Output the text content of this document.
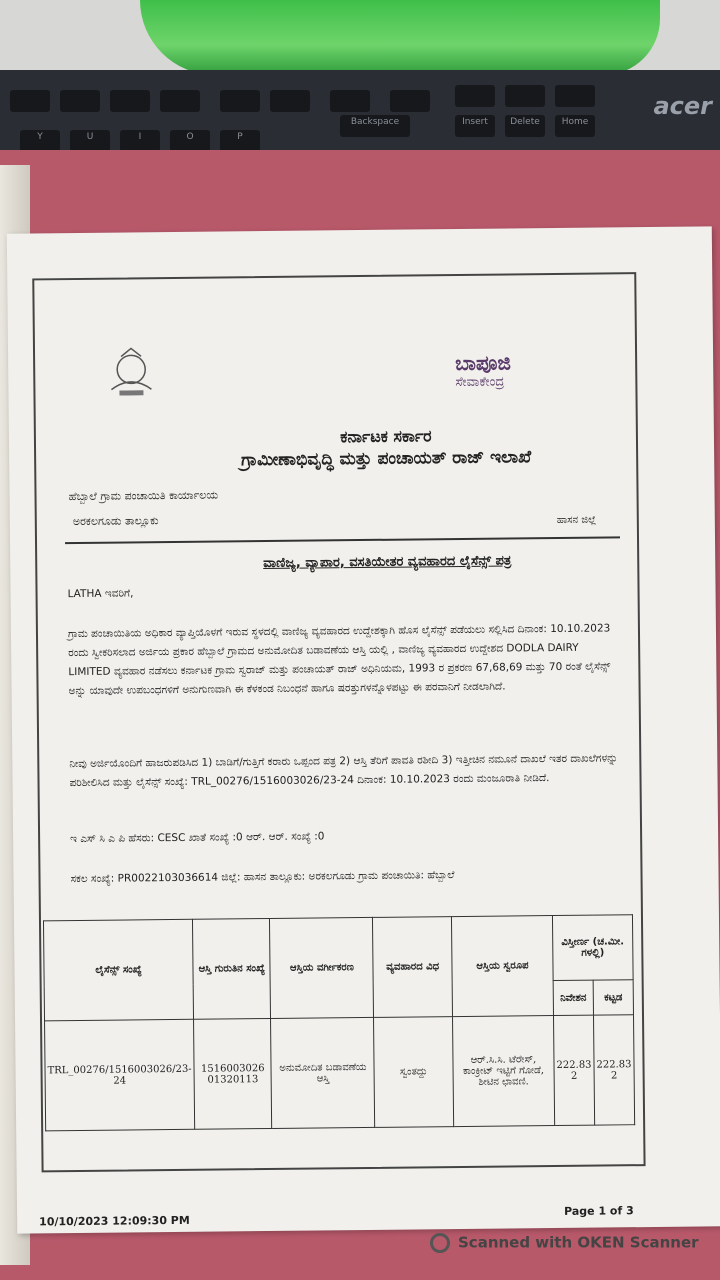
Y	U	I	O	P
Backspace	Insert	Delete	Home
acer
ಬಾಪೂಜಿ
ಸೇವಾಕೇಂದ್ರ
ಕರ್ನಾಟಕ ಸರ್ಕಾರ
ಗ್ರಾಮೀಣಾಭಿವೃದ್ಧಿ ಮತ್ತು ಪಂಚಾಯತ್ ರಾಜ್ ಇಲಾಖೆ
ಹೆಬ್ಬಾಲೆ ಗ್ರಾಮ ಪಂಚಾಯಿತಿ ಕಾರ್ಯಾಲಯ
ಅರಕಲಗೂಡು ತಾಲ್ಲೂಕು	ಹಾಸನ ಜಿಲ್ಲೆ
ವಾಣಿಜ್ಯ, ವ್ಯಾಪಾರ, ವಸತಿಯೇತರ ವ್ಯವಹಾರದ ಲೈಸೆನ್ಸ್ ಪತ್ರ
LATHA ಇವರಿಗೆ,
ಗ್ರಾಮ ಪಂಚಾಯಿತಿಯ ಅಧಿಕಾರ ವ್ಯಾಪ್ತಿಯೊಳಗೆ ಇರುವ ಸ್ಥಳದಲ್ಲಿ ವಾಣಿಜ್ಯ ವ್ಯವಹಾರದ ಉದ್ದೇಶಕ್ಕಾಗಿ ಹೊಸ ಲೈಸೆನ್ಸ್ ಪಡೆಯಲು ಸಲ್ಲಿಸಿದ ದಿನಾಂಕ: 10.10.2023 ರಂದು ಸ್ವೀಕರಿಸಲಾದ ಅರ್ಜಿಯ ಪ್ರಕಾರ ಹೆಬ್ಬಾಲೆ ಗ್ರಾಮದ ಅನುಮೋದಿತ ಬಡಾವಣೆಯ ಆಸ್ತಿ ಯಲ್ಲಿ , ವಾಣಿಜ್ಯ ವ್ಯವಹಾರದ ಉದ್ದೇಶದ DODLA DAIRY LIMITED ವ್ಯವಹಾರ ನಡೆಸಲು ಕರ್ನಾಟಕ ಗ್ರಾಮ ಸ್ವರಾಜ್ ಮತ್ತು ಪಂಚಾಯತ್ ರಾಜ್ ಅಧಿನಿಯಮ, 1993 ರ ಪ್ರಕರಣ 67,68,69 ಮತ್ತು 70 ರಂತೆ ಲೈಸೆನ್ಸ್ ಅನ್ನು ಯಾವುದೇ ಉಪಬಂಧಗಳಿಗೆ ಅನುಗುಣವಾಗಿ ಈ ಕೆಳಕಂಡ ನಿಬಂಧನೆ ಹಾಗೂ ಷರತ್ತುಗಳನ್ನೊಳಪಟ್ಟು ಈ ಪರವಾನಿಗೆ ನೀಡಲಾಗಿದೆ.
ನೀವು ಅರ್ಜಿಯೊಂದಿಗೆ ಹಾಜರುಪಡಿಸಿದ 1) ಬಾಡಿಗೆ/ಗುತ್ತಿಗೆ ಕರಾರು ಒಪ್ಪಂದ ಪತ್ರ 2) ಆಸ್ತಿ ತೆರಿಗೆ ಪಾವತಿ ರಶೀದಿ 3) ಇತ್ತೀಚಿನ ನಮೂನೆ ದಾಖಲೆ ಇತರ ದಾಖಲೆಗಳನ್ನು ಪರಿಶೀಲಿಸಿದ ಮತ್ತು ಲೈಸೆನ್ಸ್ ಸಂಖ್ಯೆ: TRL_00276/1516003026/23-24 ದಿನಾಂಕ: 10.10.2023 ರಂದು ಮಂಜೂರಾತಿ ನೀಡಿದೆ.
ಇ ಎಸ್ ಸಿ ಎ ಪಿ ಹೆಸರು: CESC ಖಾತೆ ಸಂಖ್ಯೆ :0 ಆರ್. ಆರ್. ಸಂಖ್ಯೆ :0
ಸಕಲ ಸಂಖ್ಯೆ: PR0022103036614 ಜಿಲ್ಲೆ: ಹಾಸನ ತಾಲ್ಲೂಕು: ಅರಕಲಗೂಡು ಗ್ರಾಮ ಪಂಚಾಯಿತಿ: ಹೆಬ್ಬಾಲೆ
ಲೈಸೆನ್ಸ್ ಸಂಖ್ಯೆ	ಆಸ್ತಿ ಗುರುತಿನ ಸಂಖ್ಯೆ	ಆಸ್ತಿಯ ವರ್ಗೀಕರಣ	ವ್ಯವಹಾರದ ವಿಧ	ಆಸ್ತಿಯ ಸ್ವರೂಪ	ವಿಸ್ತೀರ್ಣ (ಚ.ಮೀ. ಗಳಲ್ಲಿ)	
					ನಿವೇಶನ	ಕಟ್ಟಡ
TRL_00276/1516003026/23-24	1516003026 01320113	ಅನುಮೋದಿತ ಬಡಾವಣೆಯ ಆಸ್ತಿ	ಸ್ವಂತದ್ದು	ಆರ್.ಸಿ.ಸಿ. ಟೆರೇಸ್, ಕಾಂಕ್ರೀಟ್ ಇಟ್ಟಿಗೆ ಗೋಡೆ, ಶೀಟಿನ ಛಾವಣಿ.	222.83 2	222.83 2
10/10/2023 12:09:30 PM
Page 1 of 3
Scanned with OKEN Scanner
